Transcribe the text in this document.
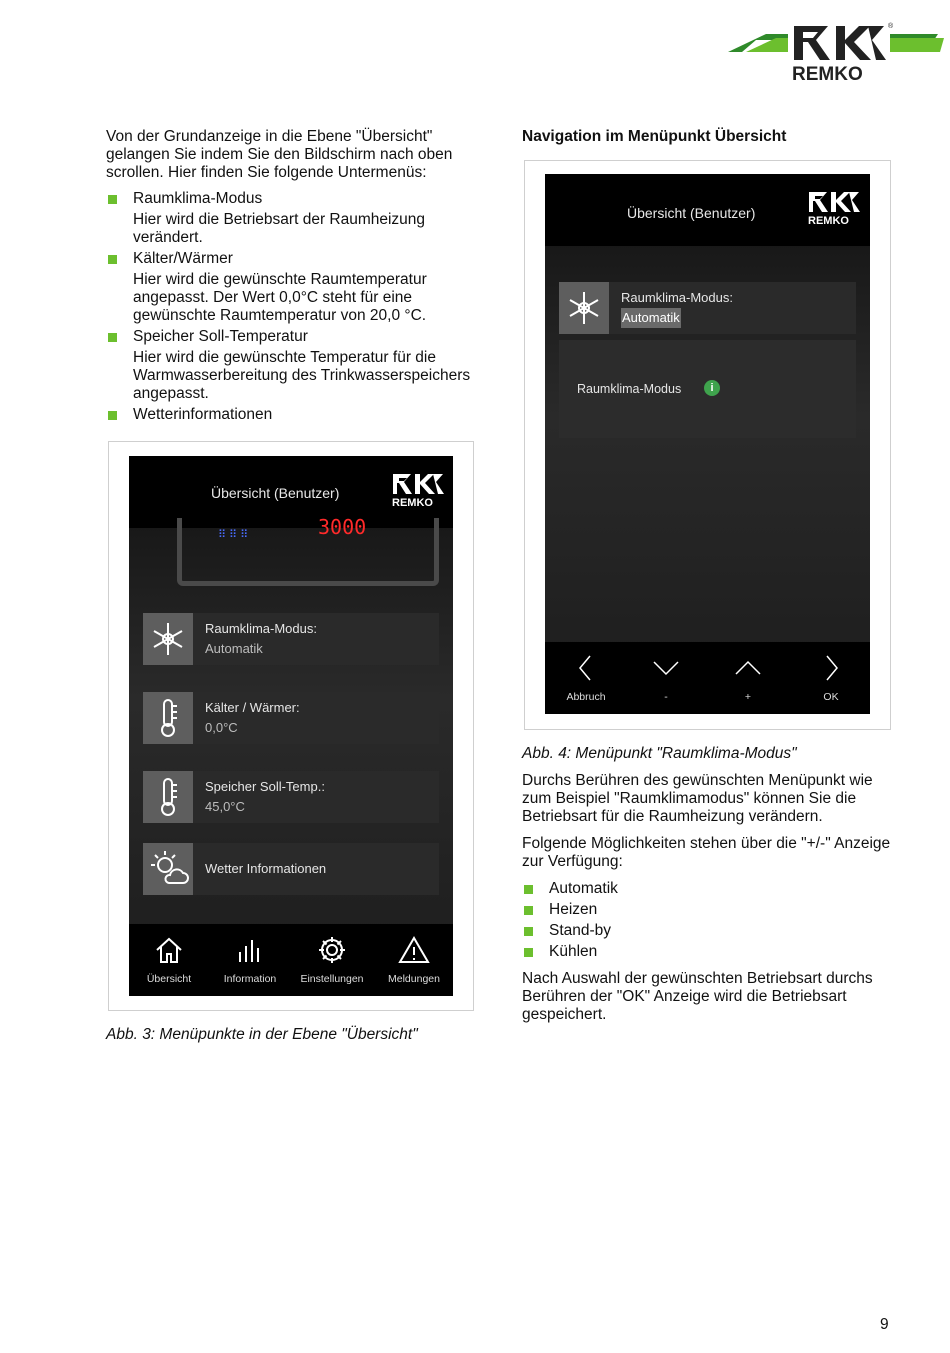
REMKO
®

Von der Grundanzeige in die Ebene "Übersicht" gelangen Sie indem Sie den Bildschirm nach oben scrollen. Hier finden Sie folgende Untermenüs:

Raumklima-Modus
Hier wird die Betriebsart der Raumheizung verändert.
Kälter/Wärmer
Hier wird die gewünschte Raumtemperatur angepasst. Der Wert 0,0°C steht für eine gewünschte Raumtemperatur von 20,0 °C.
Speicher Soll-Temperatur
Hier wird die gewünschte Temperatur für die Warmwasserbereitung des Trinkwasserspeichers angepasst.
Wetterinformationen
Übersicht (Benutzer)
REMKO
⠿⠿⠿	3000
Raumklima-Modus:
Automatik
Kälter / Wärmer:
0,0°C
Speicher Soll-Temp.:
45,0°C
Wetter Informationen
Übersicht	Information	Einstellungen	Meldungen
Abb. 3: Menüpunkte in der Ebene "Übersicht"
Navigation im Menüpunkt Übersicht
Übersicht (Benutzer)	REMKO
Raumklima-Modus:
Automatik
Raumklima-Modus	i
Abbruch	-	+	OK

Abb. 4: Menüpunkt "Raumklima-Modus"

Durchs Berühren des gewünschten Menüpunkt wie zum Beispiel "Raumklimamodus" können Sie die Betriebsart für die Raumheizung verändern.

Folgende Möglichkeiten stehen über die "+/-" Anzeige zur Verfügung:

Automatik
Heizen
Stand-by
Kühlen

Nach Auswahl der gewünschten Betriebsart durchs Berühren der "OK" Anzeige wird die Betriebsart gespeichert.

9
